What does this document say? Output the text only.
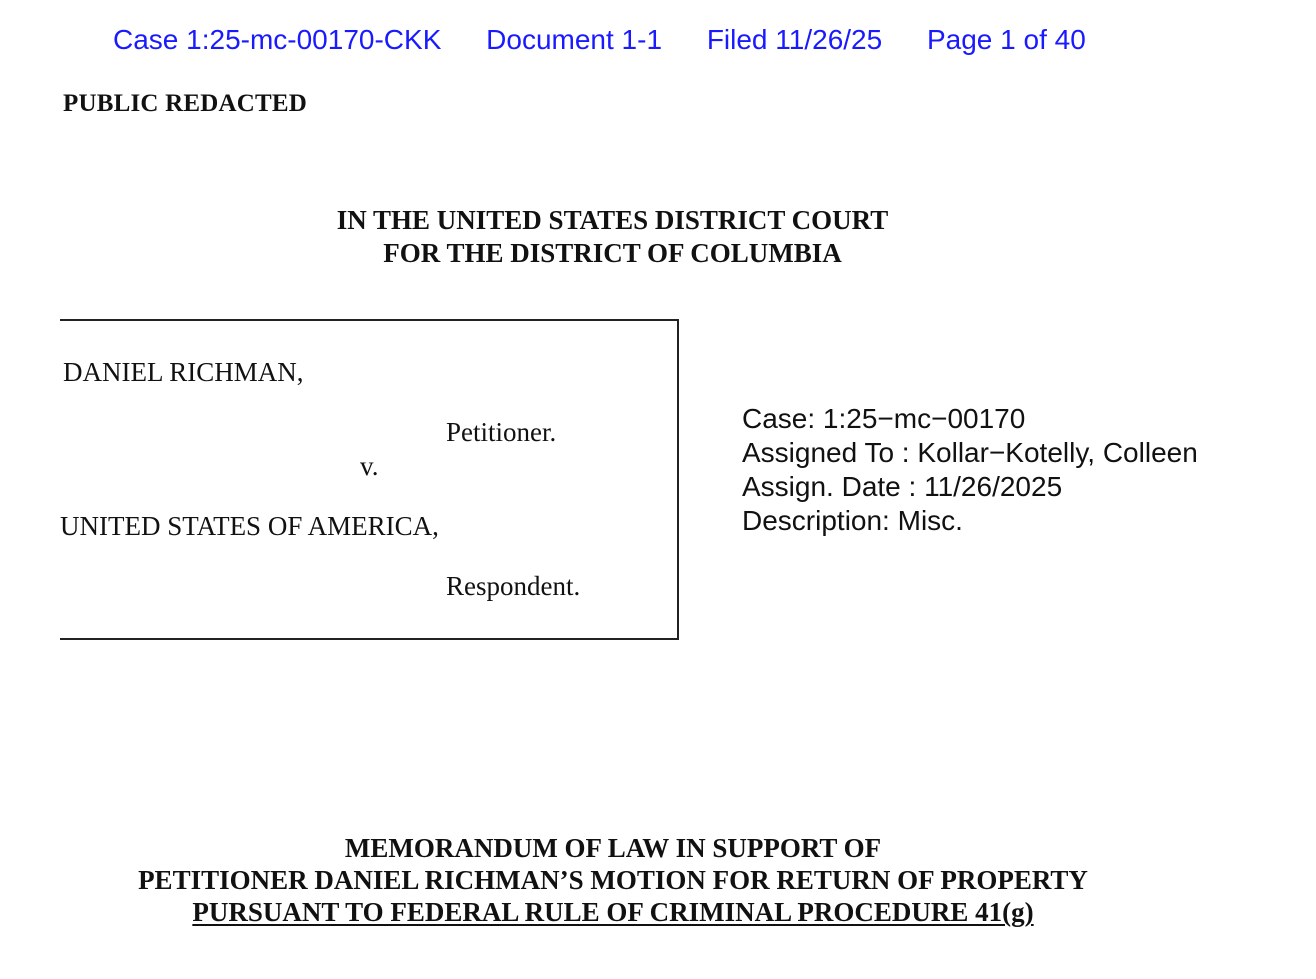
Case 1:25-mc-00170-CKK Document 1-1 Filed 11/26/25 Page 1 of 40
PUBLIC REDACTED
IN THE UNITED STATES DISTRICT COURT
FOR THE DISTRICT OF COLUMBIA
DANIEL RICHMAN,
Petitioner.
v.
UNITED STATES OF AMERICA,
Respondent.
Case: 1:25−mc−00170
Assigned To : Kollar−Kotelly, Colleen
Assign. Date : 11/26/2025
Description: Misc.
MEMORANDUM OF LAW IN SUPPORT OF
PETITIONER DANIEL RICHMAN’S MOTION FOR RETURN OF PROPERTY
PURSUANT TO FEDERAL RULE OF CRIMINAL PROCEDURE 41(g)
